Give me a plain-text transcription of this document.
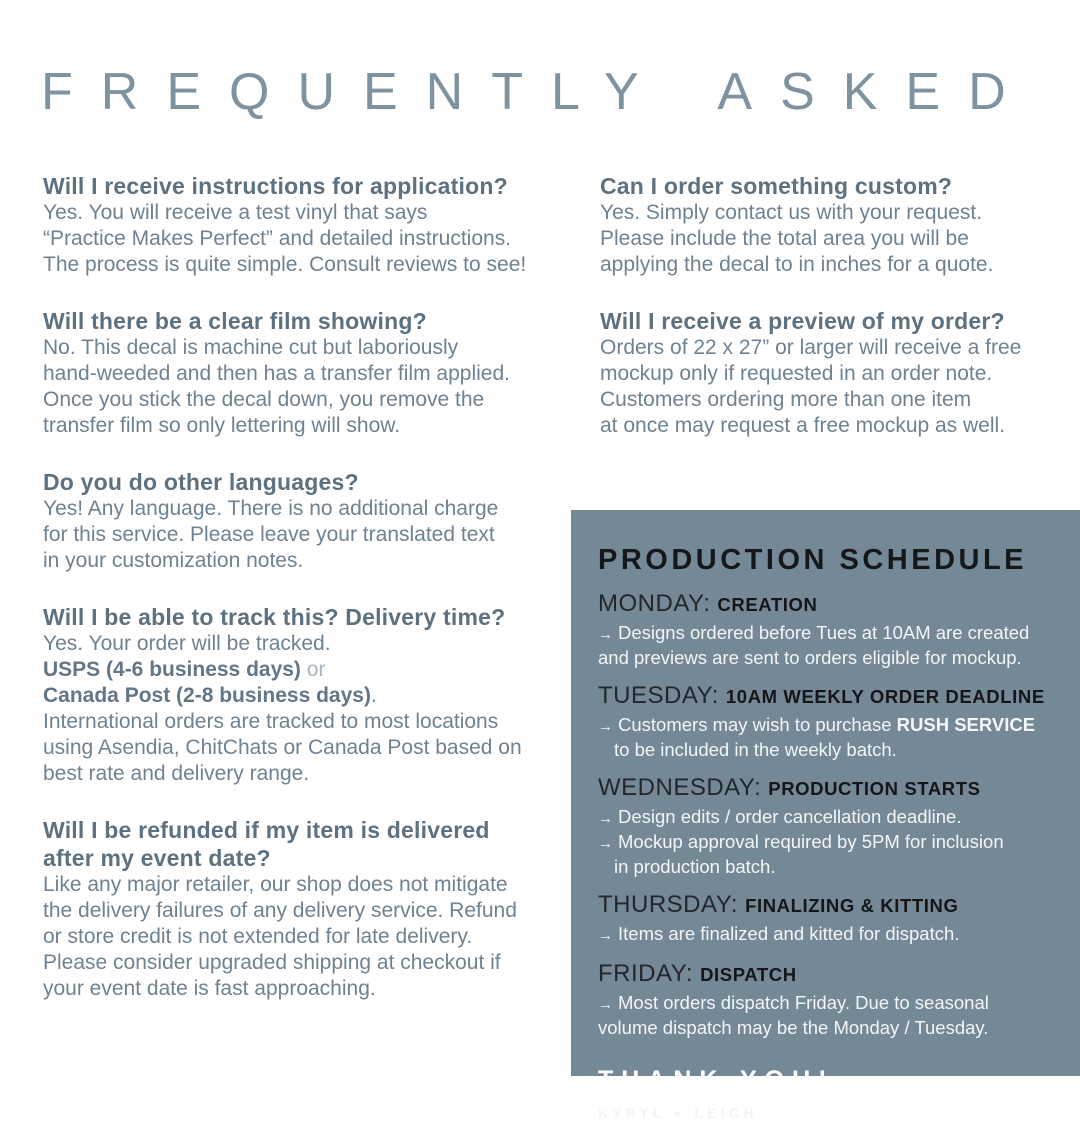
FREQUENTLY ASKED
Will I receive instructions for application?
Yes. You will receive a test vinyl that says
“Practice Makes Perfect” and detailed instructions.
The process is quite simple. Consult reviews to see!
Will there be a clear film showing?
No. This decal is machine cut but laboriously
hand-weeded and then has a transfer film applied.
Once you stick the decal down, you remove the
transfer film so only lettering will show.
Do you do other languages?
Yes! Any language. There is no additional charge
for this service. Please leave your translated text
in your customization notes.
Will I be able to track this? Delivery time?
Yes. Your order will be tracked.
USPS (4-6 business days) or
Canada Post (2-8 business days).
International orders are tracked to most locations
using Asendia, ChitChats or Canada Post based on
best rate and delivery range.
Will I be refunded if my item is delivered
after my event date?
Like any major retailer, our shop does not mitigate
the delivery failures of any delivery service. Refund
or store credit is not extended for late delivery.
Please consider upgraded shipping at checkout if
your event date is fast approaching.
Can I order something custom?
Yes. Simply contact us with your request.
Please include the total area you will be
applying the decal to in inches for a quote.
Will I receive a preview of my order?
Orders of 22 x 27” or larger will receive a free
mockup only if requested in an order note.
Customers ordering more than one item
at once may request a free mockup as well.
PRODUCTION SCHEDULE
MONDAY: CREATION
→ Designs ordered before Tues at 10AM are created
and previews are sent to orders eligible for mockup.
TUESDAY: 10AM WEEKLY ORDER DEADLINE
→ Customers may wish to purchase RUSH SERVICE
to be included in the weekly batch.
WEDNESDAY: PRODUCTION STARTS
→ Design edits / order cancellation deadline.
→ Mockup approval required by 5PM for inclusion
in production batch.
THURSDAY: FINALIZING & KITTING
→ Items are finalized and kitted for dispatch.
FRIDAY: DISPATCH
→ Most orders dispatch Friday. Due to seasonal
volume dispatch may be the Monday / Tuesday.
THANK YOU!
KYRYL + LEIGH
